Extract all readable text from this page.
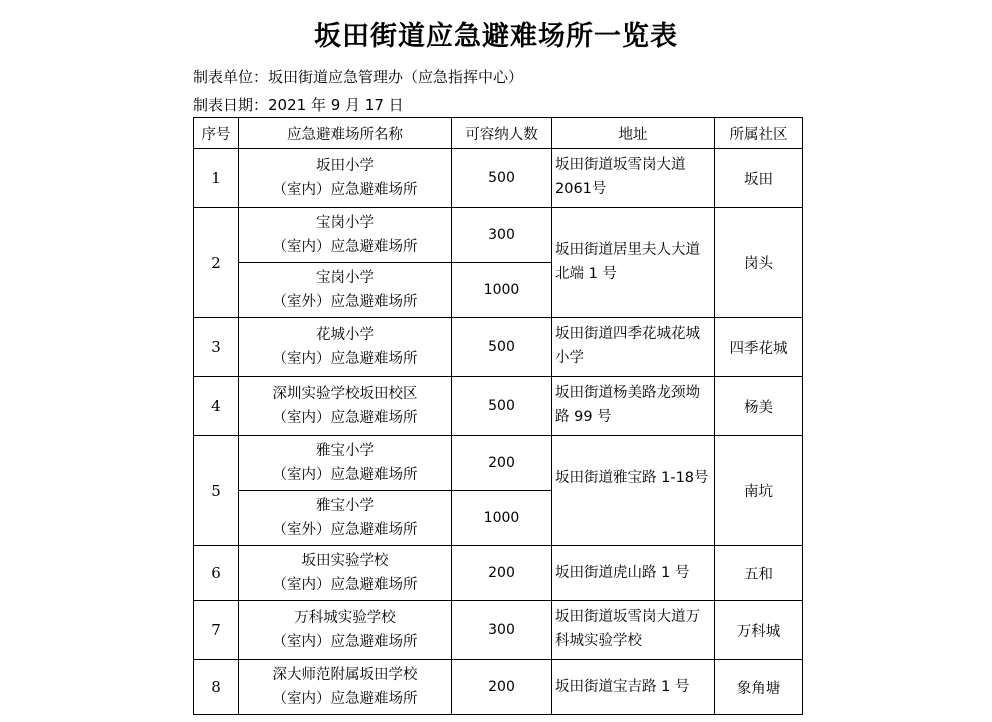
坂田街道应急避难场所一览表
制表单位：坂田街道应急管理办（应急指挥中心）
制表日期：2021 年 9 月 17 日
序号	应急避难场所名称	可容纳人数	地址	所属社区
1	坂田小学
（室内）应急避难场所	500	坂田街道坂雪岗大道2061号	坂田
2	宝岗小学
（室内）应急避难场所	300	坂田街道居里夫人大道北端 1 号	岗头

	宝岗小学
（室外）应急避难场所	1000		
3	花城小学
（室内）应急避难场所	500	坂田街道四季花城花城小学	四季花城
4	深圳实验学校坂田校区
（室内）应急避难场所	500	坂田街道杨美路龙颈坳路 99 号	杨美
5	雅宝小学
（室内）应急避难场所	200	坂田街道雅宝路 1-18号	南坑

	雅宝小学
（室外）应急避难场所	1000		
6	坂田实验学校
（室内）应急避难场所	200	坂田街道虎山路 1 号	五和
7	万科城实验学校
（室内）应急避难场所	300	坂田街道坂雪岗大道万科城实验学校	万科城
8	深大师范附属坂田学校
（室内）应急避难场所	200	坂田街道宝吉路 1 号	象角塘
